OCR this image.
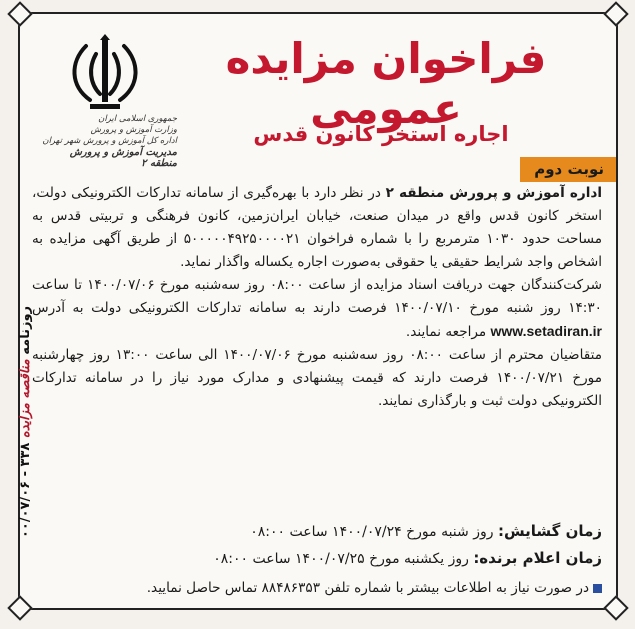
جمهوری اسلامی ایران
وزارت آموزش و پرورش
اداره کل آموزش و پرورش شهر تهران
مدیریت آموزش و پرورش منطقه ۲
فراخوان مزایده عمومی
اجاره استخر کانون قدس
نوبت دوم

اداره آموزش و پرورش منطقه ۲ در نظر دارد با بهره‌گیری از سامانه تدارکات الکترونیکی دولت، استخر کانون قدس واقع در میدان صنعت، خیابان ایران‌زمین، کانون فرهنگی و تربیتی قدس به مساحت حدود ۱۰۳۰ مترمربع را با شماره فراخوان ۵۰۰۰۰۰۴۹۲۵۰۰۰۰۲۱ از طریق آگهی مزایده به اشخاص واجد شرایط حقیقی یا حقوقی به‌صورت اجاره یکساله واگذار نماید.

شرکت‌کنندگان جهت دریافت اسناد مزایده از ساعت ۰۸:۰۰ روز سه‌شنبه مورخ ۱۴۰۰/۰۷/۰۶ تا ساعت ۱۴:۳۰ روز شنبه مورخ ۱۴۰۰/۰۷/۱۰ فرصت دارند به سامانه تدارکات الکترونیکی دولت به آدرس www.setadiran.ir مراجعه نمایند.

متقاضیان محترم از ساعت ۰۸:۰۰ روز سه‌شنبه مورخ ۱۴۰۰/۰۷/۰۶ الی ساعت ۱۳:۰۰ روز چهارشنبه مورخ ۱۴۰۰/۰۷/۲۱ فرصت دارند که قیمت پیشنهادی و مدارک مورد نیاز را در سامانه تدارکات الکترونیکی دولت ثبت و بارگذاری نمایند.

زمان گشایش: روز شنبه مورخ ۱۴۰۰/۰۷/۲۴ ساعت ۰۸:۰۰
زمان اعلام برنده: روز یکشنبه مورخ ۱۴۰۰/۰۷/۲۵ ساعت ۰۸:۰۰
در صورت نیاز به اطلاعات بیشتر با شماره تلفن ۸۸۴۸۶۳۵۳ تماس حاصل نمایید.
روزنامه مناقصه مزایده ۳۳۸ - ۰۰/۰۷/۰۶
